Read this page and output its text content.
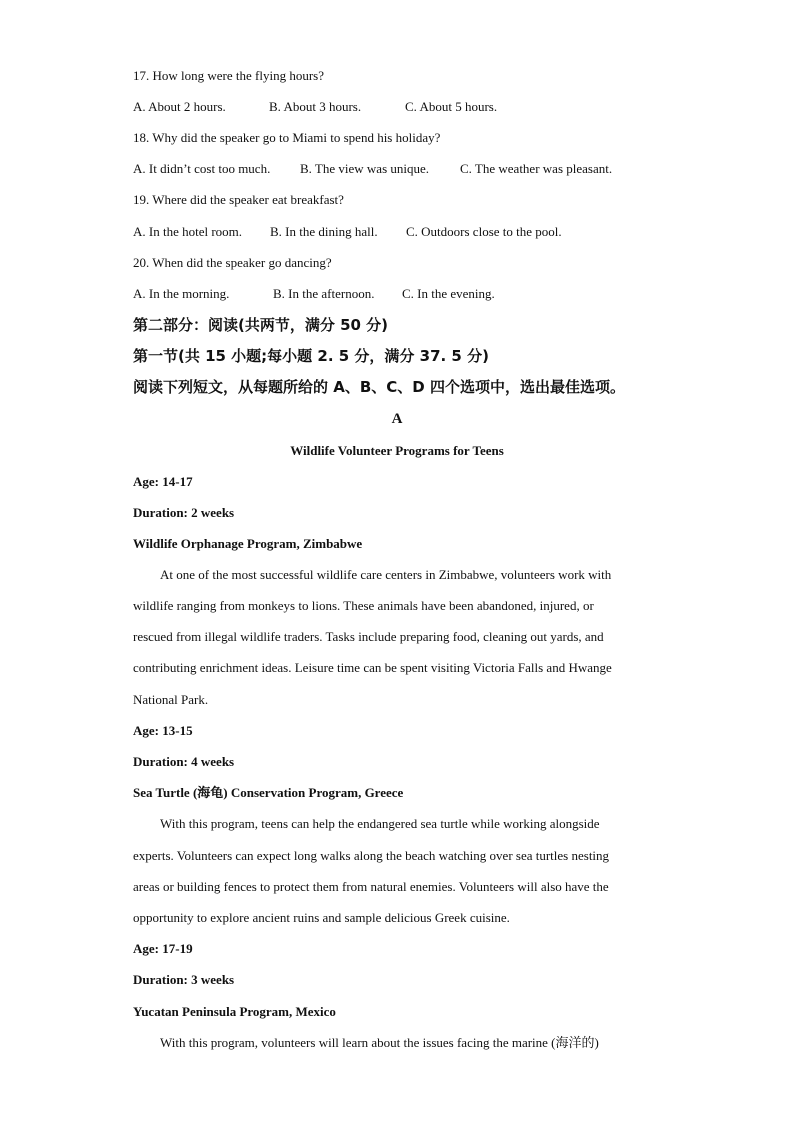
17. How long were the flying hours?
A. About 2 hours.	B. About 3 hours.	C. About 5 hours.
18. Why did the speaker go to Miami to spend his holiday?
A. It didn’t cost too much. B. The view was unique. C. The weather was pleasant.
19. Where did the speaker eat breakfast?
A. In the hotel room. B. In the dining hall. C. Outdoors close to the pool.
20. When did the speaker go dancing?
A. In the morning.	B. In the afternoon. C. In the evening.
第二部分：阅读(共两节，满分 50 分)
第一节(共 15 小题;每小题 2. 5 分，满分 37. 5 分)
阅读下列短文，从每题所给的 A、B、C、D 四个选项中，选出最佳选项。
A
Wildlife Volunteer Programs for Teens
Age: 14-17
Duration: 2 weeks
Wildlife Orphanage Program, Zimbabwe
At one of the most successful wildlife care centers in Zimbabwe, volunteers work with
wildlife ranging from monkeys to lions. These animals have been abandoned, injured, or
rescued from illegal wildlife traders. Tasks include preparing food, cleaning out yards, and
contributing enrichment ideas. Leisure time can be spent visiting Victoria Falls and Hwange
National Park.
Age: 13-15
Duration: 4 weeks
Sea Turtle (海龟) Conservation Program, Greece
With this program, teens can help the endangered sea turtle while working alongside
experts. Volunteers can expect long walks along the beach watching over sea turtles nesting
areas or building fences to protect them from natural enemies. Volunteers will also have the
opportunity to explore ancient ruins and sample delicious Greek cuisine.
Age: 17-19
Duration: 3 weeks
Yucatan Peninsula Program, Mexico
With this program, volunteers will learn about the issues facing the marine (海洋的)
